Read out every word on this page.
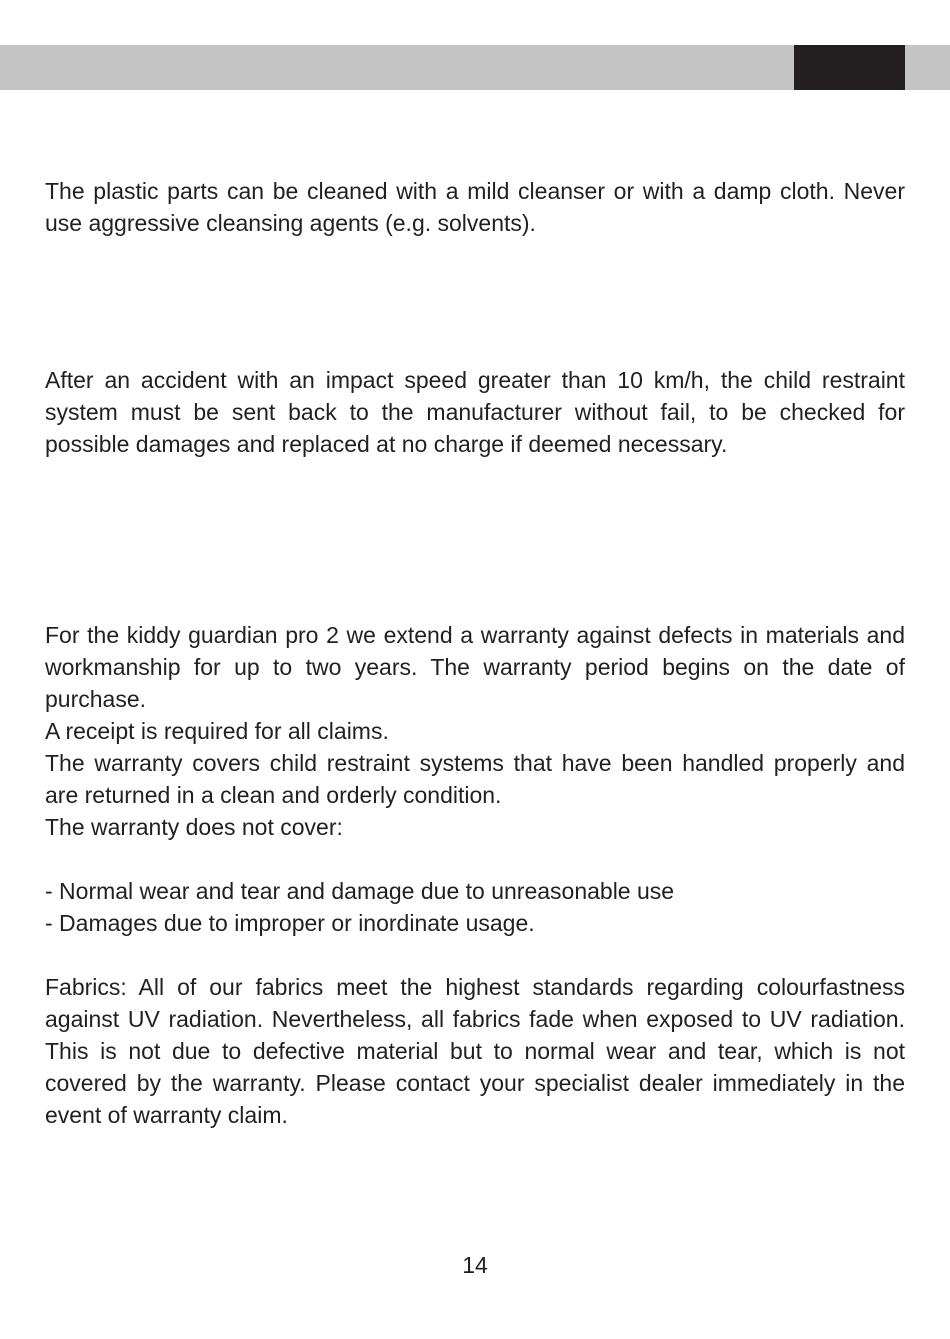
The plastic parts can be cleaned with a mild cleanser or with a damp cloth. Never use aggressive cleansing agents (e.g. solvents).

After an accident with an impact speed greater than 10 km/h, the child restraint system must be sent back to the manufacturer without fail, to be checked for possible damages and replaced at no charge if deemed necessary.

For the kiddy guardian pro 2 we extend a warranty against defects in materials and workmanship for up to two years. The warranty period begins on the date of purchase.

A receipt is required for all claims.

The warranty covers child restraint systems that have been handled properly and are returned in a clean and orderly condition.

The warranty does not cover:

- Normal wear and tear and damage due to unreasonable use

- Damages due to improper or inordinate usage.

Fabrics: All of our fabrics meet the highest standards regarding colourfastness against UV radiation. Nevertheless, all fabrics fade when exposed to UV radiation. This is not due to defective material but to normal wear and tear, which is not covered by the warranty. Please contact your specialist dealer immediately in the event of warranty claim.

14
